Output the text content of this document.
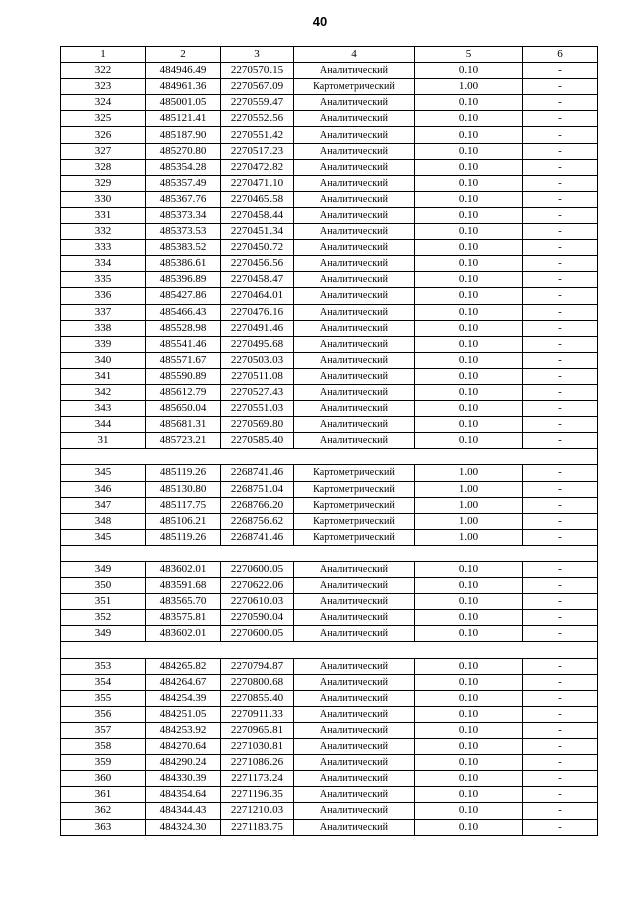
40
1	2	3	4	5	6
322	484946.49	2270570.15	Аналитический	0.10	-
323	484961.36	2270567.09	Картометрический	1.00	-
324	485001.05	2270559.47	Аналитический	0.10	-
325	485121.41	2270552.56	Аналитический	0.10	-
326	485187.90	2270551.42	Аналитический	0.10	-
327	485270.80	2270517.23	Аналитический	0.10	-
328	485354.28	2270472.82	Аналитический	0.10	-
329	485357.49	2270471.10	Аналитический	0.10	-
330	485367.76	2270465.58	Аналитический	0.10	-
331	485373.34	2270458.44	Аналитический	0.10	-
332	485373.53	2270451.34	Аналитический	0.10	-
333	485383.52	2270450.72	Аналитический	0.10	-
334	485386.61	2270456.56	Аналитический	0.10	-
335	485396.89	2270458.47	Аналитический	0.10	-
336	485427.86	2270464.01	Аналитический	0.10	-
337	485466.43	2270476.16	Аналитический	0.10	-
338	485528.98	2270491.46	Аналитический	0.10	-
339	485541.46	2270495.68	Аналитический	0.10	-
340	485571.67	2270503.03	Аналитический	0.10	-
341	485590.89	2270511.08	Аналитический	0.10	-
342	485612.79	2270527.43	Аналитический	0.10	-
343	485650.04	2270551.03	Аналитический	0.10	-
344	485681.31	2270569.80	Аналитический	0.10	-
31	485723.21	2270585.40	Аналитический	0.10	-

345	485119.26	2268741.46	Картометрический	1.00	-
346	485130.80	2268751.04	Картометрический	1.00	-
347	485117.75	2268766.20	Картометрический	1.00	-
348	485106.21	2268756.62	Картометрический	1.00	-
345	485119.26	2268741.46	Картометрический	1.00	-

349	483602.01	2270600.05	Аналитический	0.10	-
350	483591.68	2270622.06	Аналитический	0.10	-
351	483565.70	2270610.03	Аналитический	0.10	-
352	483575.81	2270590.04	Аналитический	0.10	-
349	483602.01	2270600.05	Аналитический	0.10	-

353	484265.82	2270794.87	Аналитический	0.10	-
354	484264.67	2270800.68	Аналитический	0.10	-
355	484254.39	2270855.40	Аналитический	0.10	-
356	484251.05	2270911.33	Аналитический	0.10	-
357	484253.92	2270965.81	Аналитический	0.10	-
358	484270.64	2271030.81	Аналитический	0.10	-
359	484290.24	2271086.26	Аналитический	0.10	-
360	484330.39	2271173.24	Аналитический	0.10	-
361	484354.64	2271196.35	Аналитический	0.10	-
362	484344.43	2271210.03	Аналитический	0.10	-
363	484324.30	2271183.75	Аналитический	0.10	-
